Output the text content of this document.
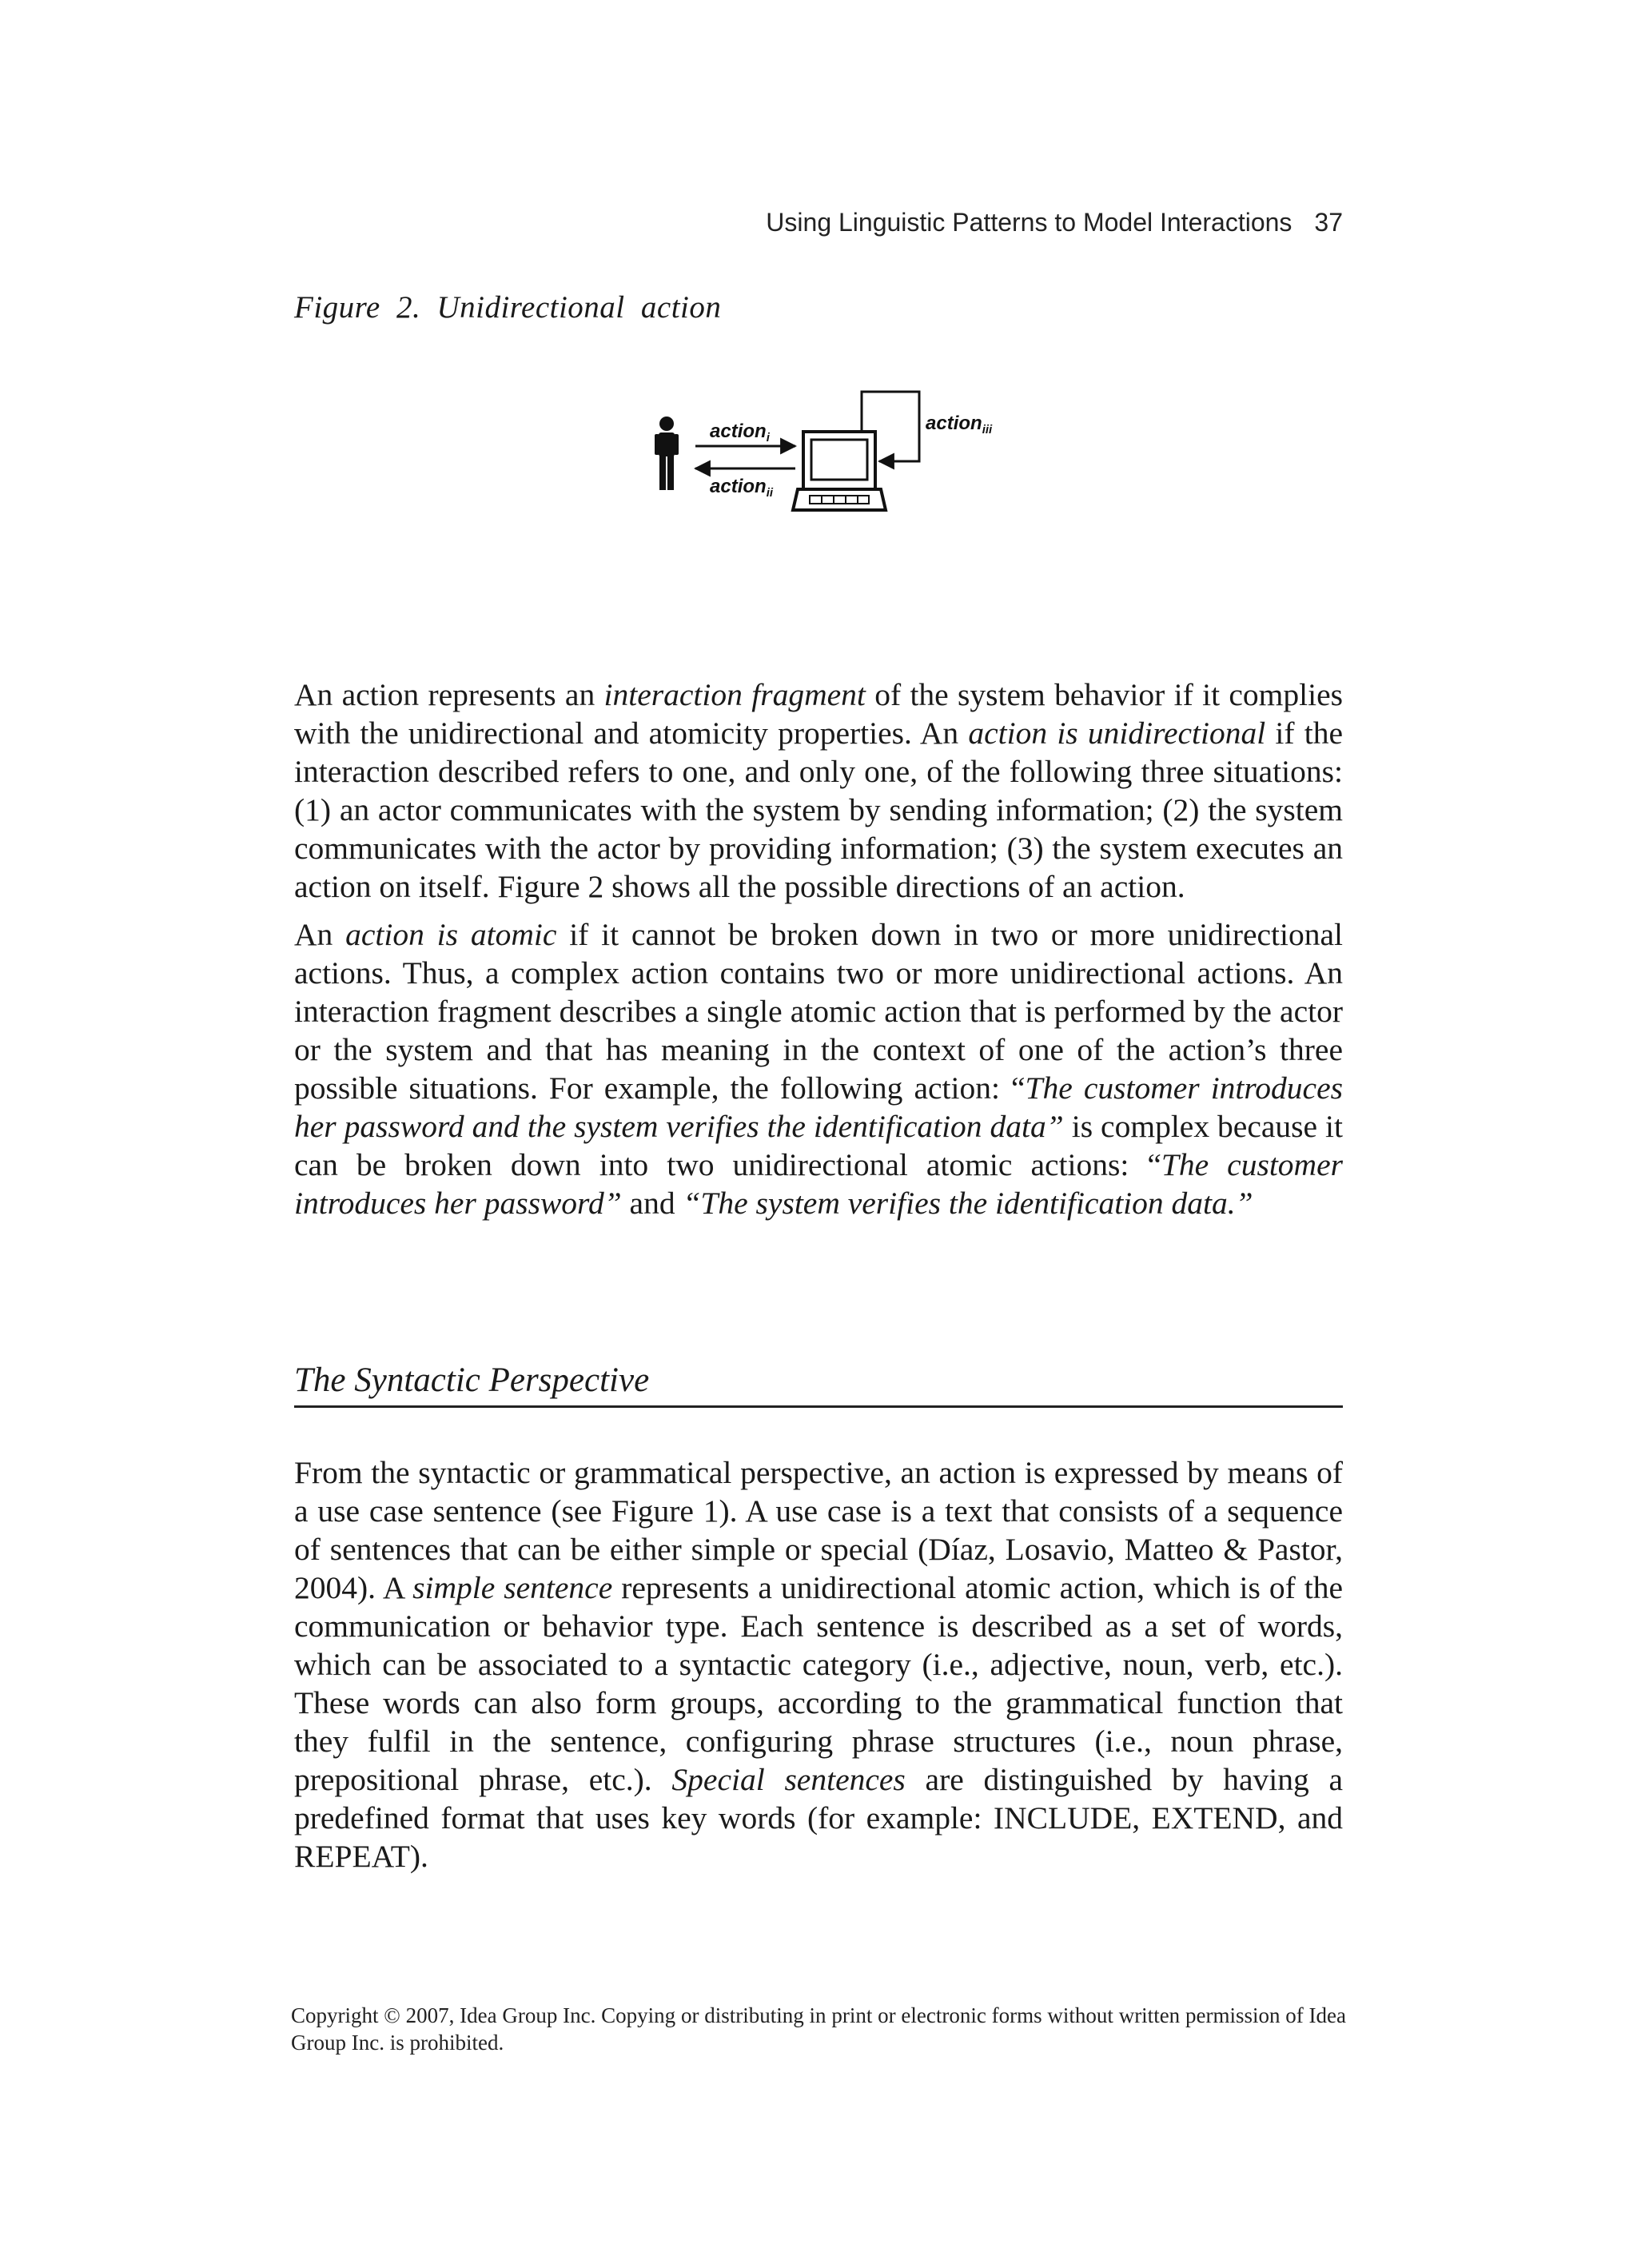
Using Linguistic Patterns to Model Interactions 37
Figure 2. Unidirectional action
action$_i$
action$_{ii}$
action$_{iii}$

An action represents an interaction fragment of the system behavior if it complies with the unidirectional and atomicity properties. An action is unidirectional if the interaction described refers to one, and only one, of the following three situations: (1) an actor communicates with the system by sending information; (2) the system communicates with the actor by providing information; (3) the system executes an action on itself. Figure 2 shows all the possible directions of an action.

An action is atomic if it cannot be broken down in two or more unidirectional actions. Thus, a complex action contains two or more unidirectional actions. An interaction fragment describes a single atomic action that is performed by the actor or the system and that has meaning in the context of one of the action’s three possible situations. For example, the following action: “The customer introduces her password and the system verifies the identification data” is complex because it can be broken down into two unidirectional atomic actions: “The customer introduces her password” and “The system verifies the identification data.”

The Syntactic Perspective

From the syntactic or grammatical perspective, an action is expressed by means of a use case sentence (see Figure 1). A use case is a text that consists of a sequence of sentences that can be either simple or special (Díaz, Losavio, Matteo & Pastor, 2004). A simple sentence represents a unidirectional atomic action, which is of the communication or behavior type. Each sentence is described as a set of words, which can be associated to a syntactic category (i.e., adjective, noun, verb, etc.). These words can also form groups, according to the grammatical function that they fulfil in the sentence, configuring phrase structures (i.e., noun phrase, prepositional phrase, etc.). Special sentences are distinguished by having a predefined format that uses key words (for example: INCLUDE, EXTEND, and REPEAT).

Copyright © 2007, Idea Group Inc. Copying or distributing in print or electronic forms without written permission of Idea Group Inc. is prohibited.
